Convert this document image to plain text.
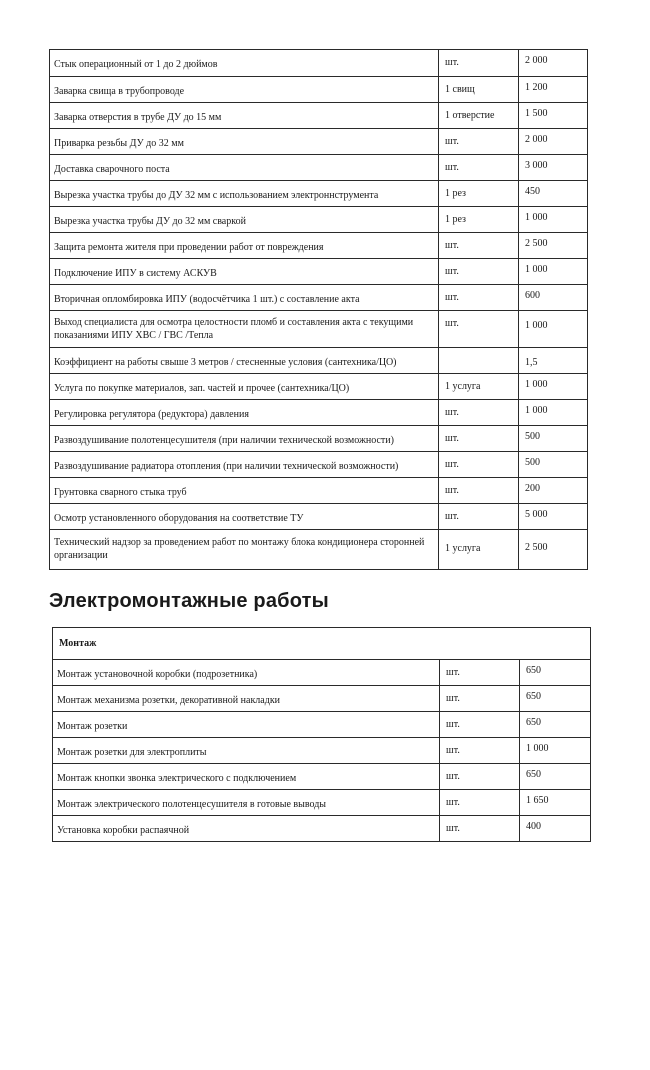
Стык операционный от 1 до 2 дюймов	шт.	2 000
Заварка свища в трубопроводе	1 свищ	1 200
Заварка отверстия в трубе ДУ до 15 мм	1 отверстие	1 500
Приварка резьбы ДУ до 32 мм	шт.	2 000
Доставка сварочного поста	шт.	3 000
Вырезка участка трубы до ДУ 32 мм с использованием электроннструмента	1 рез	450
Вырезка участка трубы ДУ до 32 мм сваркой	1 рез	1 000
Защита ремонта жителя при проведении работ от повреждения	шт.	2 500
Подключение ИПУ в систему АСКУВ	шт.	1 000
Вторичная опломбировка ИПУ (водосчётчика 1 шт.) с составление акта	шт.	600
Выход специалиста для осмотра целостности пломб и составления акта с текущими показаниями ИПУ ХВС / ГВС /Тепла	шт.	1 000
Коэффициент на работы свыше 3 метров / стесненные условия (сантехника/ЦО)		1,5
Услуга по покупке материалов, зап. частей и прочее (сантехника/ЦО)	1 услуга	1 000
Регулировка регулятора (редуктора) давления	шт.	1 000
Развоздушивание полотенцесушителя (при наличии технической возможности)	шт.	500
Развоздушивание радиатора отопления (при наличии технической возможности)	шт.	500
Грунтовка сварного стыка труб	шт.	200
Осмотр установленного оборудования на соответствие ТУ	шт.	5 000
Технический надзор за проведением работ по монтажу блока кондиционера сторонней организации	1 услуга	2 500
Электромонтажные работы
Монтаж		
Монтаж установочной коробки (подрозетника)	шт.	650
Монтаж механизма розетки, декоративной накладки	шт.	650
Монтаж розетки	шт.	650
Монтаж розетки для электроплиты	шт.	1 000
Монтаж кнопки звонка электрического с подключением	шт.	650
Монтаж электрического полотенцесушителя в готовые выводы	шт.	1 650
Установка коробки распаячной	шт.	400
